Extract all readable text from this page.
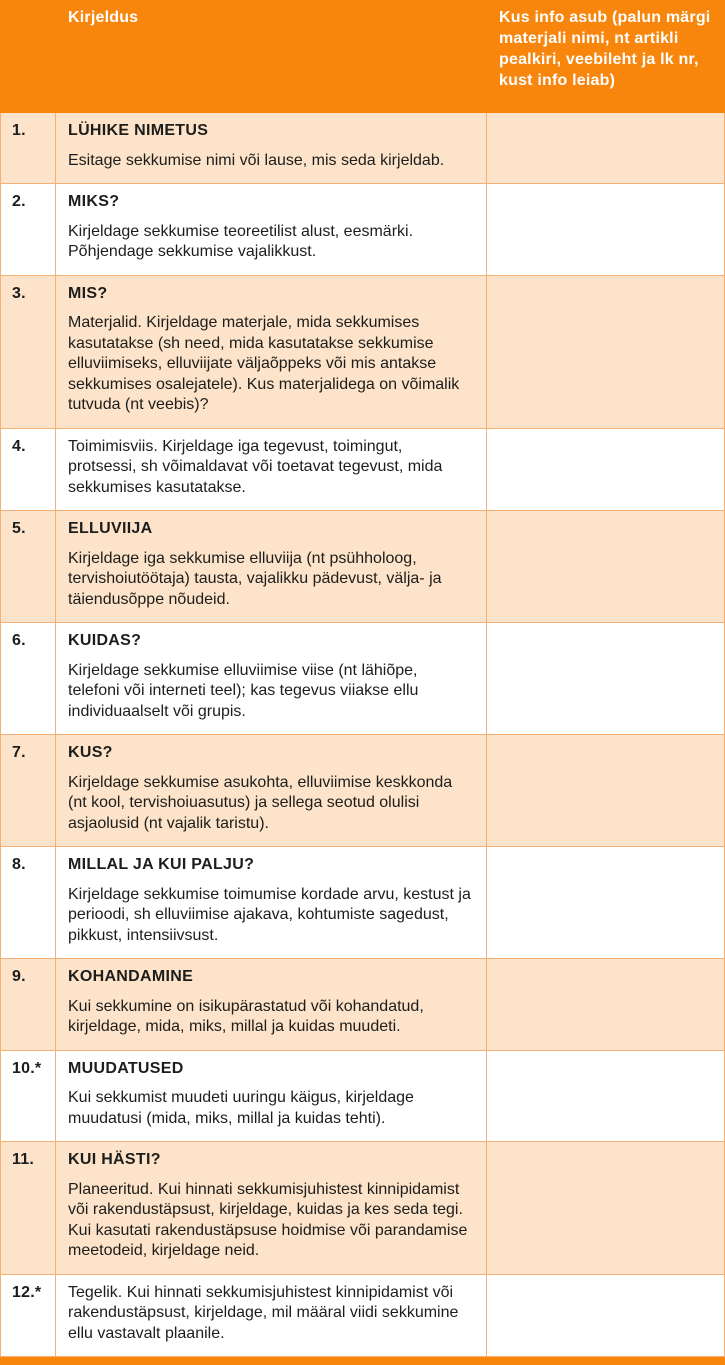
Kirjeldus	Kus info asub (palun märgi materjali nimi, nt artikli pealkiri, veebileht ja lk nr, kust info leiab)
1.	LÜHIKE NIMETUS
Esitage sekkumise nimi või lause, mis seda kirjeldab.
2.	MIKS?
Kirjeldage sekkumise teoreetilist alust, eesmärki. Põhjendage sekkumise vajalikkust.
3.	MIS?
Materjalid. Kirjeldage materjale, mida sekkumises kasutatakse (sh need, mida kasutatakse sekkumise elluviimiseks, elluviijate väljaõppeks või mis antakse sekkumises osalejatele). Kus materjalidega on võimalik tutvuda (nt veebis)?
4.	Toimimisviis. Kirjeldage iga tegevust, toimingut, protsessi, sh võimaldavat või toetavat tegevust, mida sekkumises kasutatakse.
5.	ELLUVIIJA
Kirjeldage iga sekkumise elluviija (nt psühholoog, tervishoiutöötaja) tausta, vajalikku pädevust, välja- ja täiendusõppe nõudeid.
6.	KUIDAS?
Kirjeldage sekkumise elluviimise viise (nt lähiõpe, telefoni või interneti teel); kas tegevus viiakse ellu individuaalselt või grupis.
7.	KUS?
Kirjeldage sekkumise asukohta, elluviimise keskkonda (nt kool, tervishoiuasutus) ja sellega seotud olulisi asjaolusid (nt vajalik taristu).
8.	MILLAL JA KUI PALJU?
Kirjeldage sekkumise toimumise kordade arvu, kestust ja perioodi, sh elluviimise ajakava, kohtumiste sagedust, pikkust, intensiivsust.
9.	KOHANDAMINE
Kui sekkumine on isikupärastatud või kohandatud, kirjeldage, mida, miks, millal ja kuidas muudeti.
10.*	MUUDATUSED
Kui sekkumist muudeti uuringu käigus, kirjeldage muudatusi (mida, miks, millal ja kuidas tehti).
11.	KUI HÄSTI?
Planeeritud. Kui hinnati sekkumisjuhistest kinnipidamist või rakendustäpsust, kirjeldage, kuidas ja kes seda tegi. Kui kasutati rakendustäpsuse hoidmise või parandamise meetodeid, kirjeldage neid.
12.*	Tegelik. Kui hinnati sekkumisjuhistest kinnipidamist või rakendustäpsust, kirjeldage, mil määral viidi sekkumine ellu vastavalt plaanile.
